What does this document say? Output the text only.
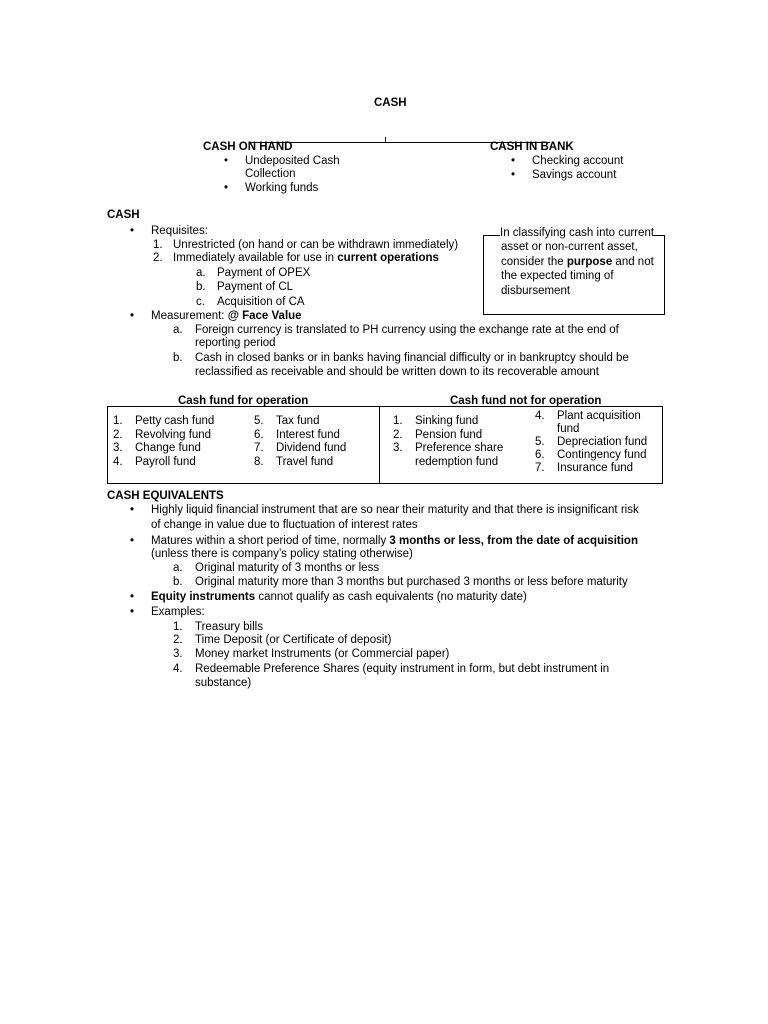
CASH
CASH ON HAND
• Undeposited Cash
Collection
• Working funds
CASH IN BANK
• Checking account
• Savings account
CASH
• Requisites:
1. Unrestricted (on hand or can be withdrawn immediately)
2. Immediately available for use in current operations
a. Payment of OPEX
b. Payment of CL
c. Acquisition of CA
• Measurement: @ Face Value
a. Foreign currency is translated to PH currency using the exchange rate at the end of
reporting period
b. Cash in closed banks or in banks having financial difficulty or in bankruptcy should be
reclassified as receivable and should be written down to its recoverable amount
In classifying cash into current
asset or non-current asset,
consider the purpose and not
the expected timing of
disbursement
Cash fund for operation	Cash fund not for operation
1. Petty cash fund
2. Revolving fund
3. Change fund
4. Payroll fund
5. Tax fund
6. Interest fund
7. Dividend fund
8. Travel fund
1. Sinking fund
2. Pension fund
3. Preference share
redemption fund
4. Plant acquisition
fund
5. Depreciation fund
6. Contingency fund
7. Insurance fund
CASH EQUIVALENTS
• Highly liquid financial instrument that are so near their maturity and that there is insignificant risk
of change in value due to fluctuation of interest rates
• Matures within a short period of time, normally 3 months or less, from the date of acquisition
(unless there is company’s policy stating otherwise)
a. Original maturity of 3 months or less
b. Original maturity more than 3 months but purchased 3 months or less before maturity
• Equity instruments cannot qualify as cash equivalents (no maturity date)
• Examples:
1. Treasury bills
2. Time Deposit (or Certificate of deposit)
3. Money market Instruments (or Commercial paper)
4. Redeemable Preference Shares (equity instrument in form, but debt instrument in
substance)
